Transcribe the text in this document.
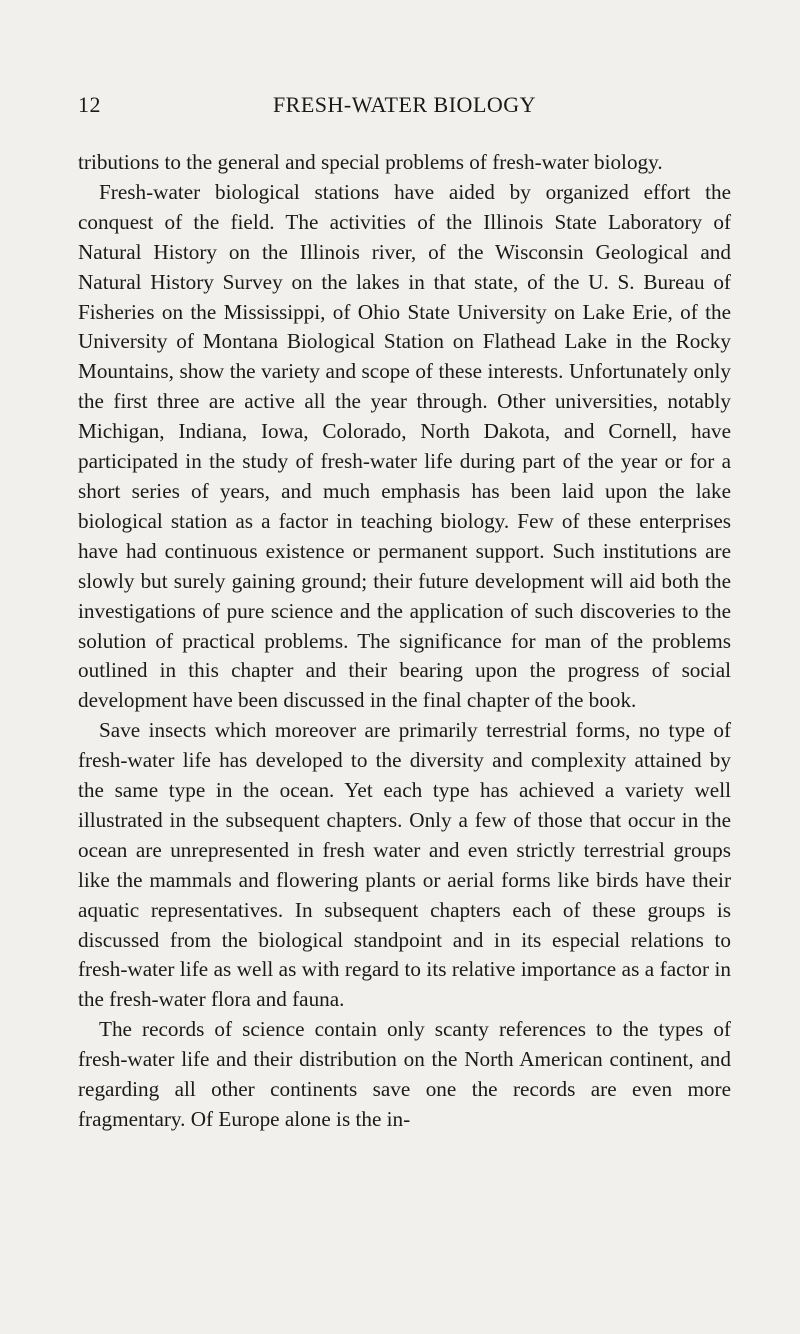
12	FRESH-WATER BIOLOGY

tributions to the general and special problems of fresh-water biology.

Fresh-water biological stations have aided by organized effort the conquest of the field. The activities of the Illinois State Laboratory of Natural History on the Illinois river, of the Wisconsin Geological and Natural History Survey on the lakes in that state, of the U. S. Bureau of Fisheries on the Mississippi, of Ohio State University on Lake Erie, of the University of Montana Biological Station on Flathead Lake in the Rocky Mountains, show the variety and scope of these interests. Unfortunately only the first three are active all the year through. Other universities, notably Michigan, Indiana, Iowa, Colorado, North Dakota, and Cornell, have participated in the study of fresh-water life during part of the year or for a short series of years, and much emphasis has been laid upon the lake biological station as a factor in teaching biology. Few of these enterprises have had continuous existence or permanent support. Such institutions are slowly but surely gaining ground; their future development will aid both the investigations of pure science and the application of such discoveries to the solution of practical problems. The significance for man of the problems outlined in this chapter and their bearing upon the progress of social development have been discussed in the final chapter of the book.

Save insects which moreover are primarily terrestrial forms, no type of fresh-water life has developed to the diversity and complexity attained by the same type in the ocean. Yet each type has achieved a variety well illustrated in the subsequent chapters. Only a few of those that occur in the ocean are unrepresented in fresh water and even strictly terrestrial groups like the mammals and flowering plants or aerial forms like birds have their aquatic representatives. In subsequent chapters each of these groups is discussed from the biological standpoint and in its especial relations to fresh-water life as well as with regard to its relative importance as a factor in the fresh-water flora and fauna.

The records of science contain only scanty references to the types of fresh-water life and their distribution on the North American continent, and regarding all other continents save one the records are even more fragmentary. Of Europe alone is the in-
